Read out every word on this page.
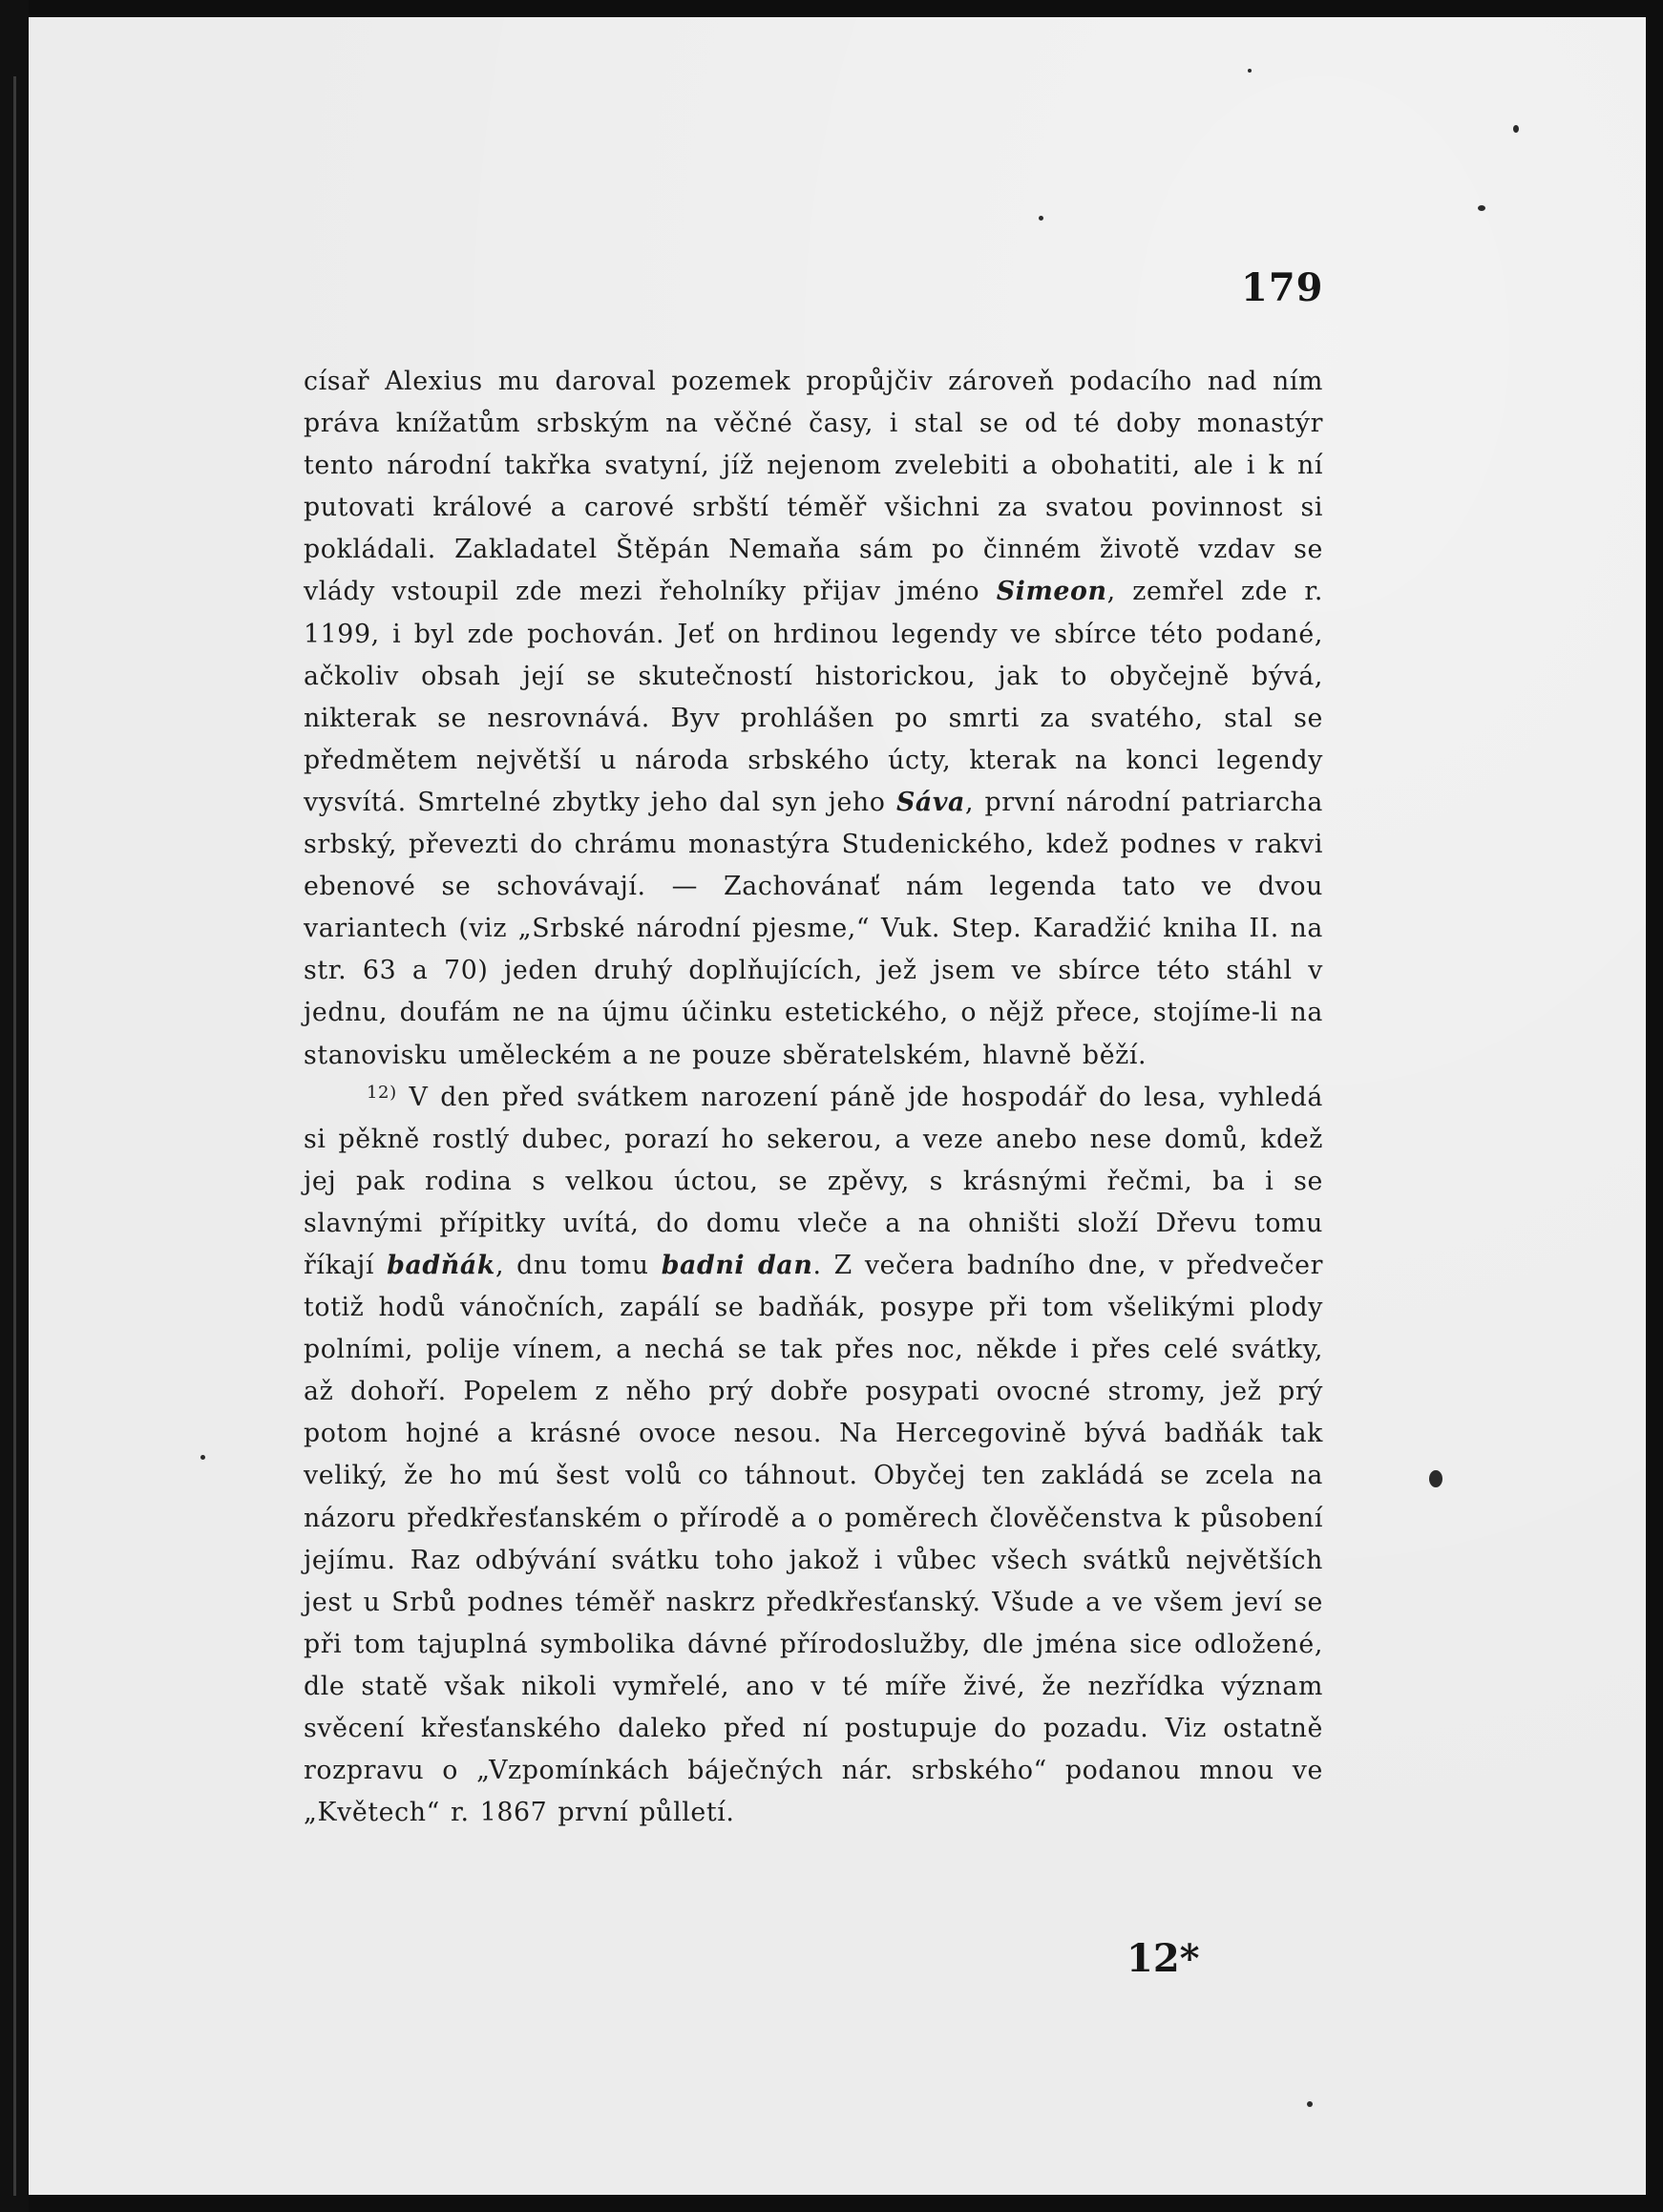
179

císař Alexius mu daroval pozemek propůjčiv zároveň podacího nad ním práva knížatům srbským na věčné časy, i stal se od té doby monastýr tento národní takřka svatyní, jíž nejenom zvelebiti a obohatiti, ale i k ní putovati králové a carové srbští téměř všichni za svatou povinnost si pokládali. Zakladatel Štěpán Nemaňa sám po činném životě vzdav se vlády vstoupil zde mezi řeholníky přijav jméno Simeon, zemřel zde r. 1199, i byl zde pochován. Jeť on hrdinou legendy ve sbírce této podané, ačkoliv obsah její se skutečností historickou, jak to obyčejně bývá, nikterak se nesrovnává. Byv prohlášen po smrti za svatého, stal se předmětem největší u národa srbského úcty, kterak na konci legendy vysvítá. Smrtelné zbytky jeho dal syn jeho Sáva, první národní patriarcha srbský, převezti do chrámu monastýra Studenického, kdež podnes v rakvi ebenové se schovávají. — Zachovánať nám legenda tato ve dvou variantech (viz „Srbské národní pjesme,“ Vuk. Step. Karadžić kniha II. na str. 63 a 70) jeden druhý doplňujících, jež jsem ve sbírce této stáhl v jednu, doufám ne na újmu účinku estetického, o nějž přece, stojíme-li na stanovisku uměleckém a ne pouze sběratelském, hlavně běží.

$^{12)}$ V den před svátkem narození páně jde hospodář do lesa, vyhledá si pěkně rostlý dubec, porazí ho sekerou, a veze anebo nese domů, kdež jej pak rodina s velkou úctou, se zpěvy, s krásnými řečmi, ba i se slavnými přípitky uvítá, do domu vleče a na ohništi složí Dřevu tomu říkají badňák, dnu tomu badni dan. Z večera badního dne, v předvečer totiž hodů vánočních, zapálí se badňák, posype při tom všelikými plody polními, polije vínem, a nechá se tak přes noc, někde i přes celé svátky, až dohoří. Popelem z něho prý dobře posypati ovocné stromy, jež prý potom hojné a krásné ovoce nesou. Na Hercegovině bývá badňák tak veliký, že ho mú šest volů co táhnout. Obyčej ten zakládá se zcela na názoru předkřesťanském o přírodě a o poměrech člověčenstva k působení jejímu. Raz odbývání svátku toho jakož i vůbec všech svátků největších jest u Srbů podnes téměř naskrz předkřesťanský. Všude a ve všem jeví se při tom tajuplná symbolika dávné přírodoslužby, dle jména sice odložené, dle statě však nikoli vymřelé, ano v té míře živé, že nezřídka význam svěcení křesťanského daleko před ní postupuje do pozadu. Viz ostatně rozpravu o „Vzpomínkách báječných nár. srbského“ podanou mnou ve „Květech“ r. 1867 první půlletí.

12*
